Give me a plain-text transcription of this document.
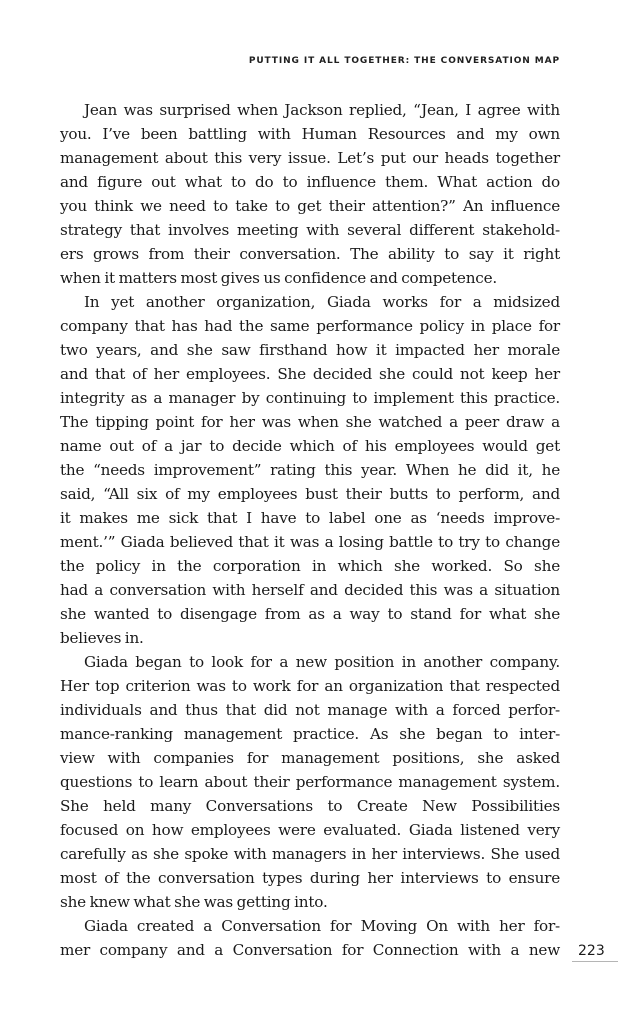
PUTTING IT ALL TOGETHER: THE CONVERSATION MAP
Jean was surprised when Jackson replied, “Jean, I agree with
you. I’ve been battling with Human Resources and my own
management about this very issue. Let’s put our heads together
and figure out what to do to influence them. What action do
you think we need to take to get their attention?” An influence
strategy that involves meeting with several different stakehold-
ers grows from their conversation. The ability to say it right
when it matters most gives us confidence and competence.
In yet another organization, Giada works for a midsized
company that has had the same performance policy in place for
two years, and she saw firsthand how it impacted her morale
and that of her employees. She decided she could not keep her
integrity as a manager by continuing to implement this practice.
The tipping point for her was when she watched a peer draw a
name out of a jar to decide which of his employees would get
the “needs improvement” rating this year. When he did it, he
said, “All six of my employees bust their butts to perform, and
it makes me sick that I have to label one as ‘needs improve-
ment.’” Giada believed that it was a losing battle to try to change
the policy in the corporation in which she worked. So she
had a conversation with herself and decided this was a situation
she wanted to disengage from as a way to stand for what she
believes in.
Giada began to look for a new position in another company.
Her top criterion was to work for an organization that respected
individuals and thus that did not manage with a forced perfor-
mance-ranking management practice. As she began to inter-
view with companies for management positions, she asked
questions to learn about their performance management system.
She held many Conversations to Create New Possibilities
focused on how employees were evaluated. Giada listened very
carefully as she spoke with managers in her interviews. She used
most of the conversation types during her interviews to ensure
she knew what she was getting into.
Giada created a Conversation for Moving On with her for-
mer company and a Conversation for Connection with a new 223
